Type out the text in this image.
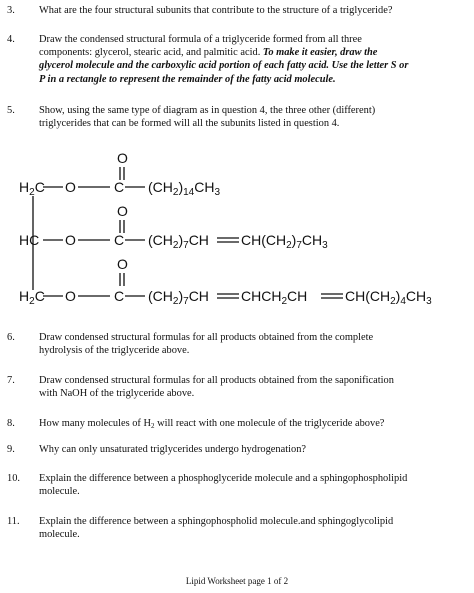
3. What are the four structural subunits that contribute to the structure of a triglyceride?
4. Draw the condensed structural formula of a triglyceride formed from all three
components: glycerol, stearic acid, and palmitic acid. To make it easier, draw the
glycerol molecule and the carboxylic acid portion of each fatty acid. Use the letter S or
P in a rectangle to represent the remainder of the fatty acid molecule.
5. Show, using the same type of diagram as in question 4, the three other (different)
triglycerides that can be formed will all the subunits listed in question 4.
O
$H_2C$ O	C $(CH_2)_{14}CH_3$
O
HC O	C $(CH_2)_7CH$ $CH(CH_2)_7CH_3$
O
$H_2C$ O	C $(CH_2)_7CH$ $CHCH_2CH$	$CH(CH_2)_4CH_3$
6. Draw condensed structural formulas for all products obtained from the complete
hydrolysis of the triglyceride above.
7. Draw condensed structural formulas for all products obtained from the saponification
with NaOH of the triglyceride above.
8. How many molecules of $H_2$ will react with one molecule of the triglyceride above?
9. Why can only unsaturated triglycerides undergo hydrogenation?
10. Explain the difference between a phosphoglyceride molecule and a sphingophospholipid
molecule.
11. Explain the difference between a sphingophospholid molecule.and sphingoglycolipid
molecule.
Lipid Worksheet page 1 of 2
